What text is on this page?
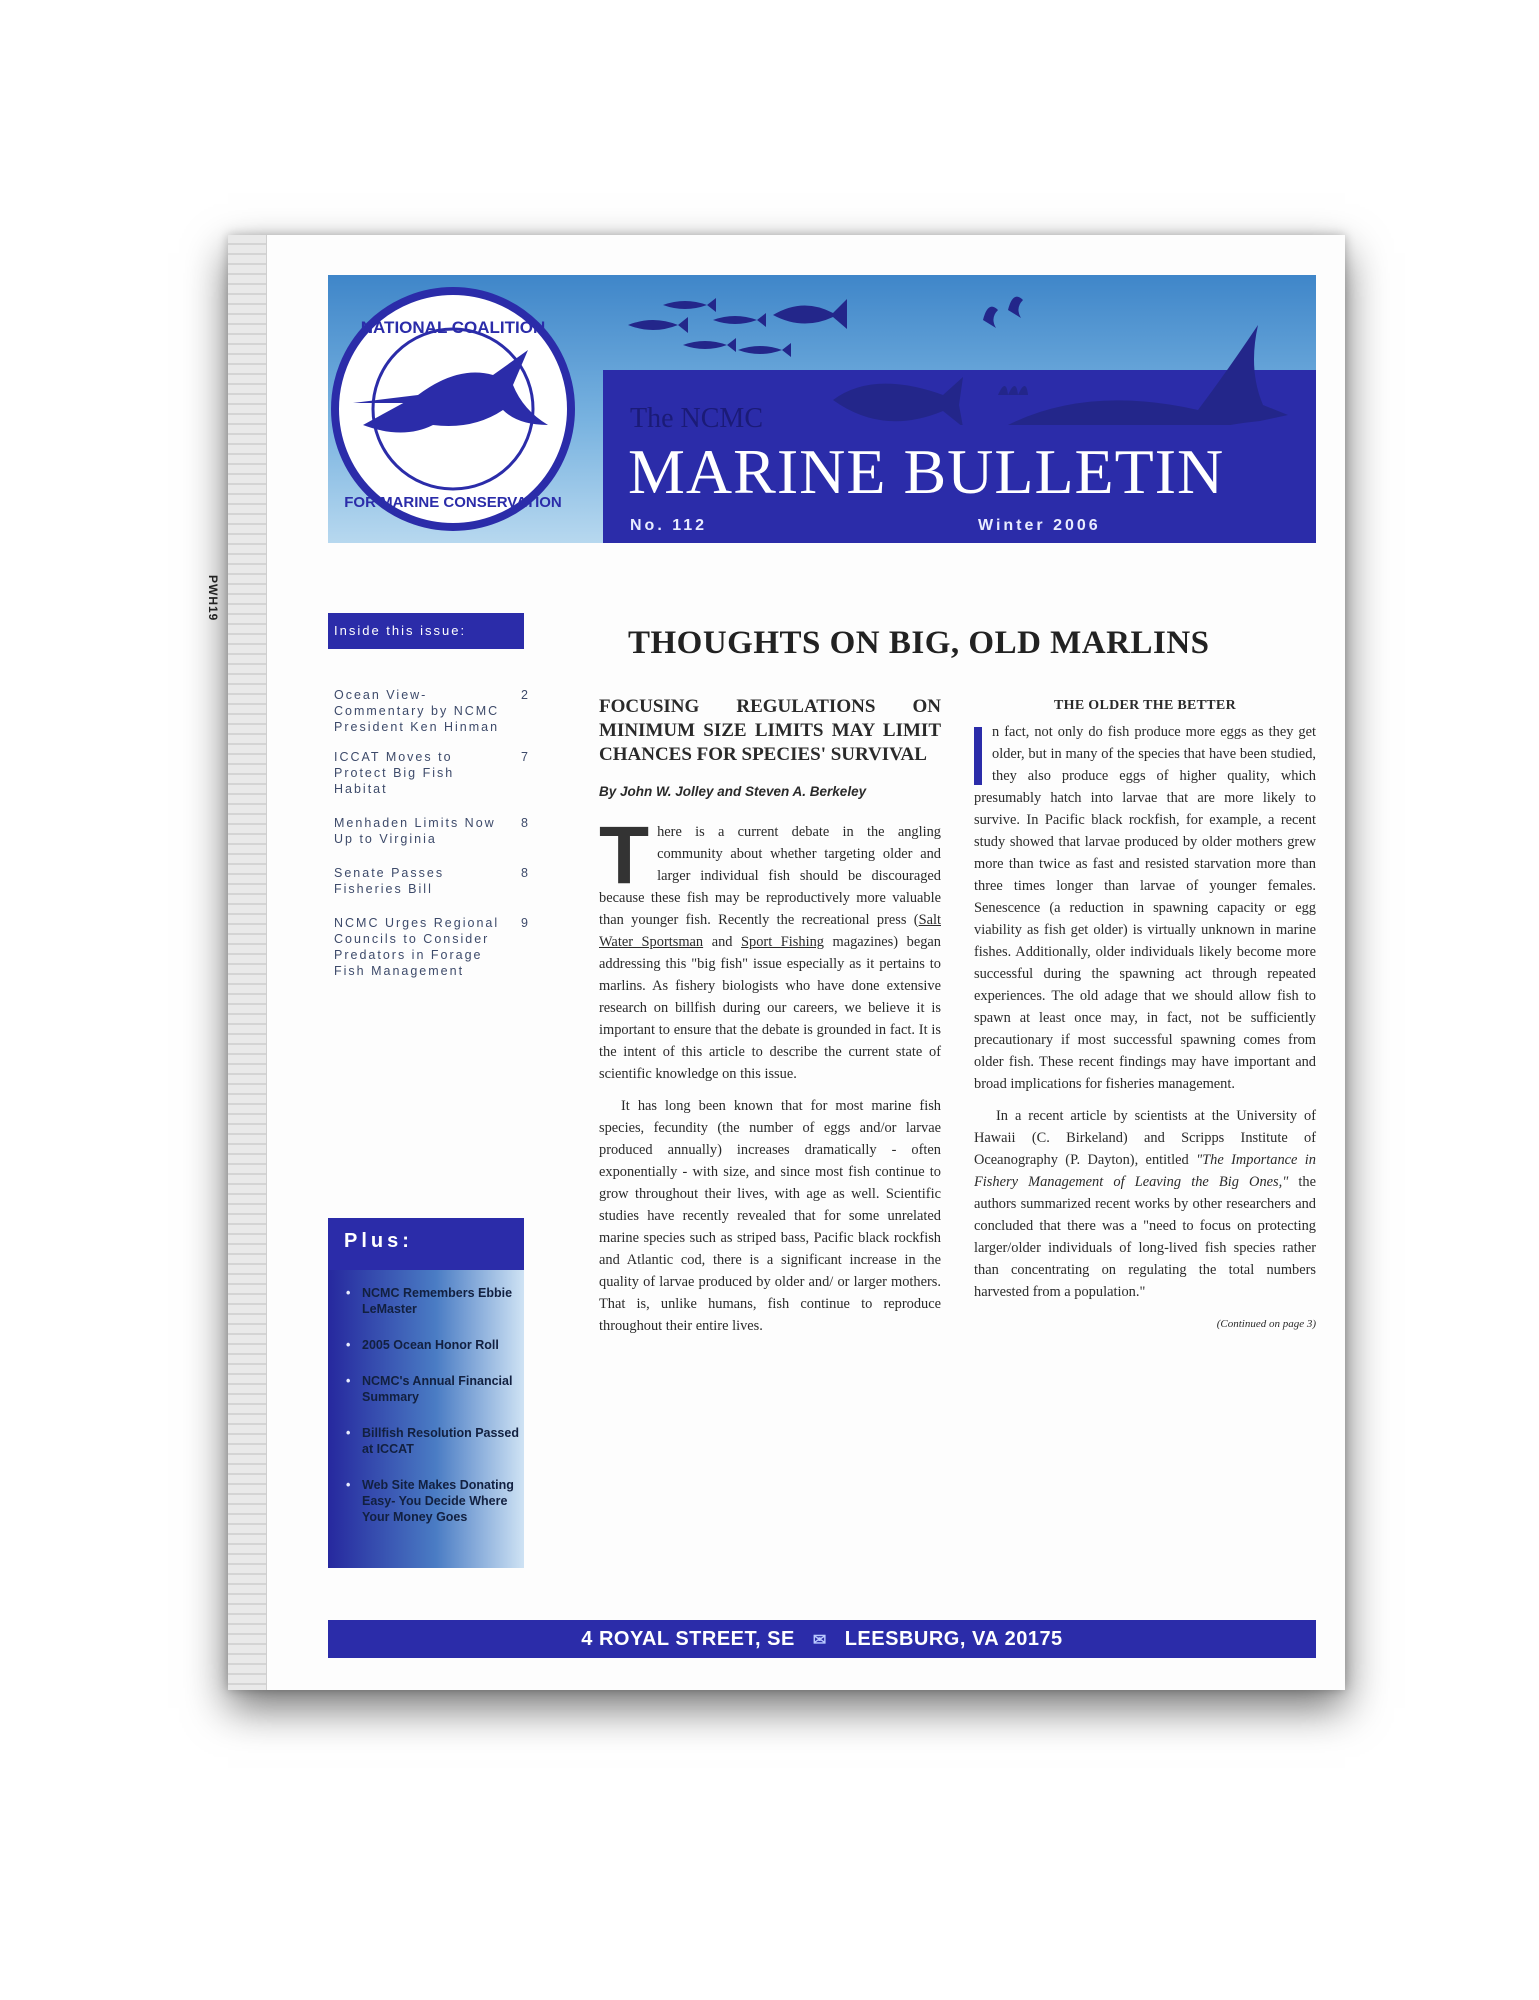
PWH19
NATIONAL COALITION
FOR MARINE CONSERVATION
The NCMC
MARINE BULLETIN
No. 112	Winter 2006
Inside this issue:
Ocean View-Commentary by NCMC President Ken Hinman
2
ICCAT Moves to Protect Big Fish Habitat
7
Menhaden Limits Now Up to Virginia
8
Senate Passes Fisheries Bill
8
NCMC Urges Regional Councils to Consider Predators in Forage Fish Management
9
Plus:
• NCMC Remembers Ebbie LeMaster
• 2005 Ocean Honor Roll
• NCMC's Annual Financial Summary
• Billfish Resolution Passed at ICCAT
• Web Site Makes Donating Easy- You Decide Where Your Money Goes
THOUGHTS ON BIG, OLD MARLINS
FOCUSING REGULATIONS ON MINIMUM SIZE LIMITS MAY LIMIT CHANCES FOR SPECIES' SURVIVAL
By John W. Jolley and Steven A. Berkeley

There is a current debate in the angling community about whether targeting older and larger individual fish should be discouraged because these fish may be reproductively more valuable than younger fish. Recently the recreational press (Salt Water Sportsman and Sport Fishing magazines) began addressing this "big fish" issue especially as it pertains to marlins. As fishery biologists who have done extensive research on billfish during our careers, we believe it is important to ensure that the debate is grounded in fact. It is the intent of this article to describe the current state of scientific knowledge on this issue.

It has long been known that for most marine fish species, fecundity (the number of eggs and/or larvae produced annually) increases dramatically - often exponentially - with size, and since most fish continue to grow throughout their lives, with age as well. Scientific studies have recently revealed that for some unrelated marine species such as striped bass, Pacific black rockfish and Atlantic cod, there is a significant increase in the quality of larvae produced by older and/ or larger mothers. That is, unlike humans, fish continue to reproduce throughout their entire lives.

THE OLDER THE BETTER

n fact, not only do fish produce more eggs as they get older, but in many of the species that have been studied, they also produce eggs of higher quality, which presumably hatch into larvae that are more likely to survive. In Pacific black rockfish, for example, a recent study showed that larvae produced by older mothers grew more than twice as fast and resisted starvation more than three times longer than larvae of younger females. Senescence (a reduction in spawning capacity or egg viability as fish get older) is virtually unknown in marine fishes. Additionally, older individuals likely become more successful during the spawning act through repeated experiences. The old adage that we should allow fish to spawn at least once may, in fact, not be sufficiently precautionary if most successful spawning comes from older fish. These recent findings may have important and broad implications for fisheries management.

In a recent article by scientists at the University of Hawaii (C. Birkeland) and Scripps Institute of Oceanography (P. Dayton), entitled "The Importance in Fishery Management of Leaving the Big Ones," the authors summarized recent works by other researchers and concluded that there was a "need to focus on protecting larger/older individuals of long-lived fish species rather than concentrating on regulating the total numbers harvested from a population."

(Continued on page 3)
4 ROYAL STREET, SE ✉ LEESBURG, VA 20175
